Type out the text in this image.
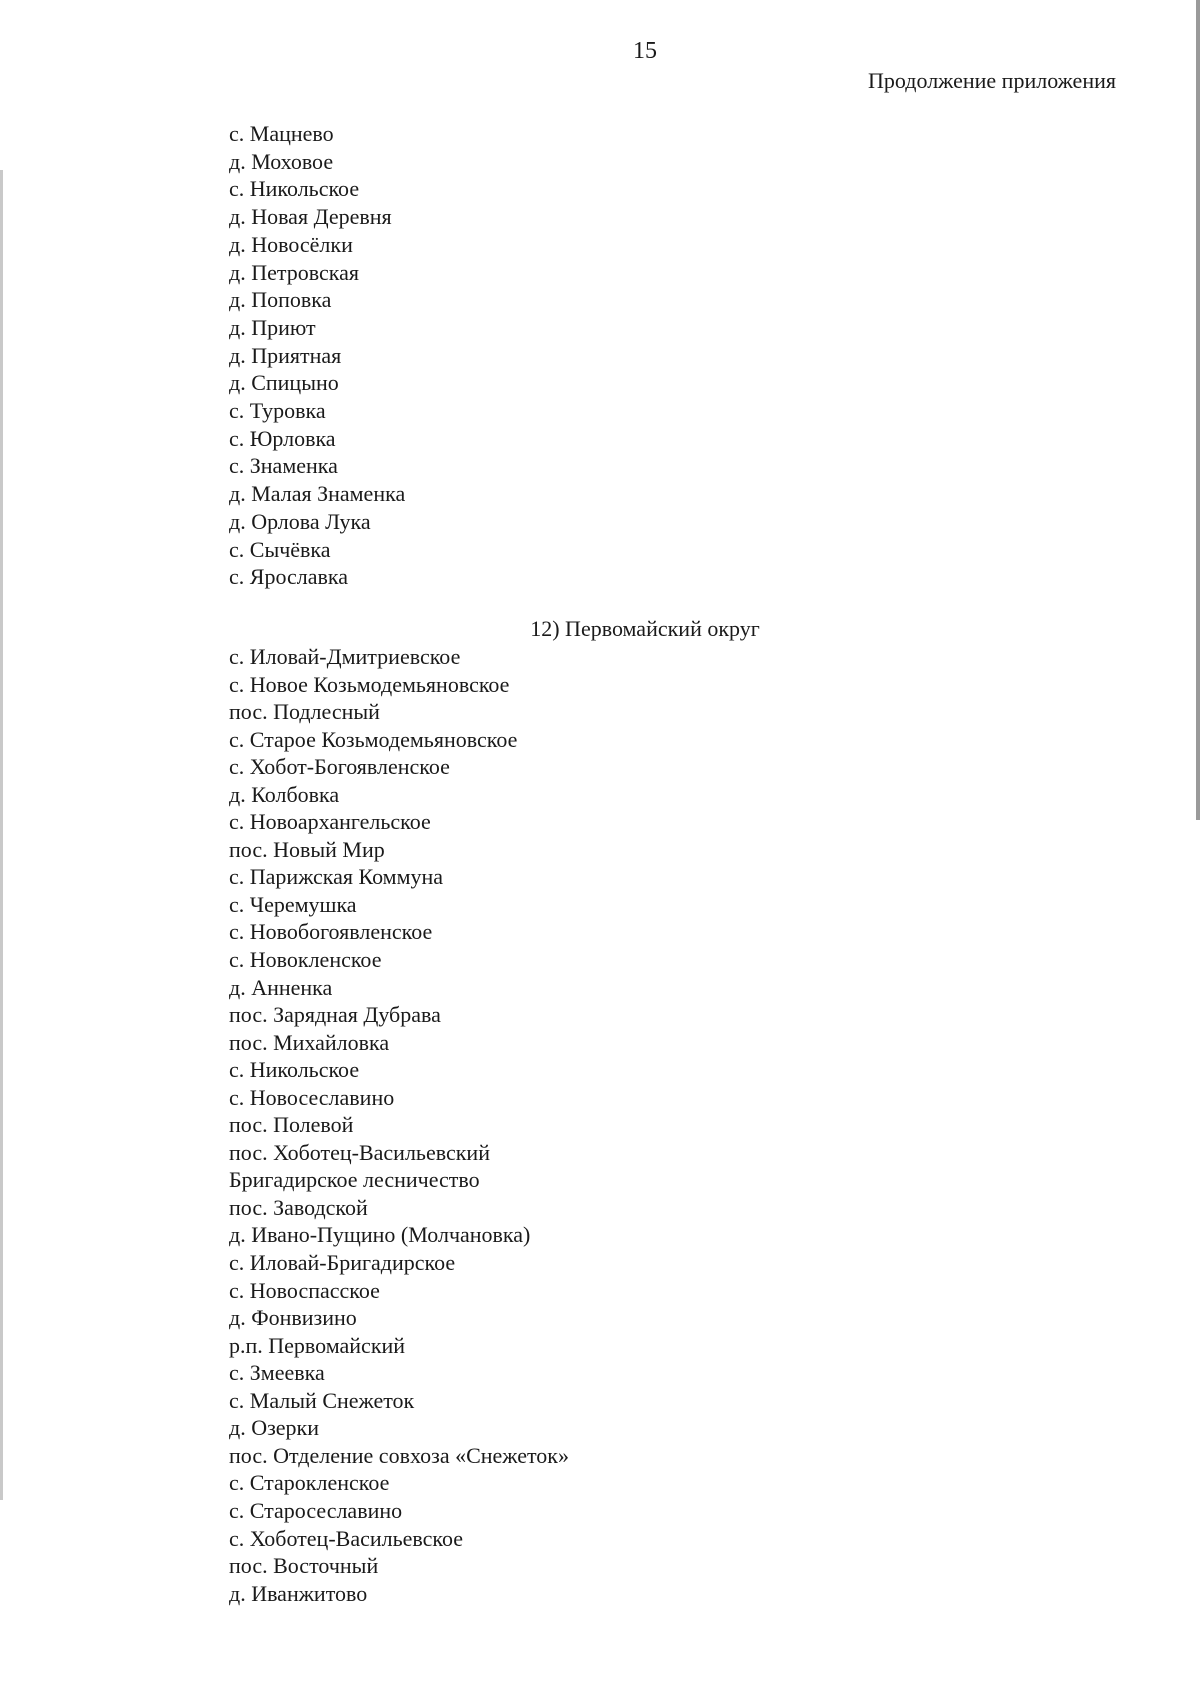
15
Продолжение приложения
с. Мацнево
д. Моховое
с. Никольское
д. Новая Деревня
д. Новосёлки
д. Петровская
д. Поповка
д. Приют
д. Приятная
д. Спицыно
с. Туровка
с. Юрловка
с. Знаменка
д. Малая Знаменка
д. Орлова Лука
с. Сычёвка
с. Ярославка
12) Первомайский округ
с. Иловай-Дмитриевское
с. Новое Козьмодемьяновское
пос. Подлесный
с. Старое Козьмодемьяновское
с. Хобот-Богоявленское
д. Колбовка
с. Новоархангельское
пос. Новый Мир
с. Парижская Коммуна
с. Черемушка
с. Новобогоявленское
с. Новокленское
д. Анненка
пос. Зарядная Дубрава
пос. Михайловка
с. Никольское
с. Новосеславино
пос. Полевой
пос. Хоботец-Васильевский
Бригадирское лесничество
пос. Заводской
д. Ивано-Пущино (Молчановка)
с. Иловай-Бригадирское
с. Новоспасское
д. Фонвизино
р.п. Первомайский
с. Змеевка
с. Малый Снежеток
д. Озерки
пос. Отделение совхоза «Снежеток»
с. Старокленское
с. Старосеславино
с. Хоботец-Васильевское
пос. Восточный
д. Иванжитово
